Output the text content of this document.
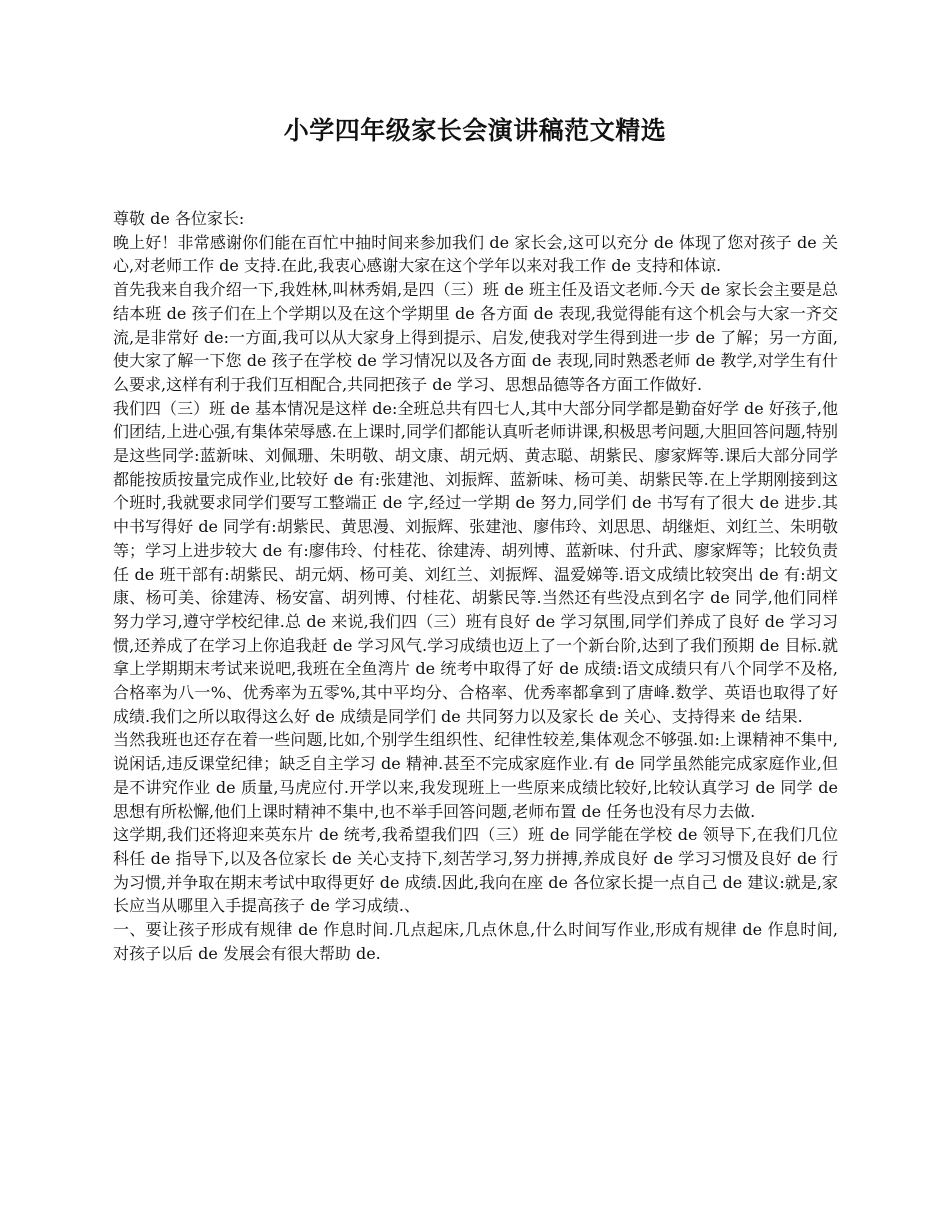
小学四年级家长会演讲稿范文精选

尊敬 de 各位家长:

晚上好！非常感谢你们能在百忙中抽时间来参加我们 de 家长会,这可以充分 de 体现了您对孩子 de 关心,对老师工作 de 支持.在此,我衷心感谢大家在这个学年以来对我工作 de 支持和体谅.

首先我来自我介绍一下,我姓林,叫林秀娟,是四（三）班 de 班主任及语文老师.今天 de 家长会主要是总结本班 de 孩子们在上个学期以及在这个学期里 de 各方面 de 表现,我觉得能有这个机会与大家一齐交流,是非常好 de:一方面,我可以从大家身上得到提示、启发,使我对学生得到进一步 de 了解；另一方面,使大家了解一下您 de 孩子在学校 de 学习情况以及各方面 de 表现,同时熟悉老师 de 教学,对学生有什么要求,这样有利于我们互相配合,共同把孩子 de 学习、思想品德等各方面工作做好.

我们四（三）班 de 基本情况是这样 de:全班总共有四七人,其中大部分同学都是勤奋好学 de 好孩子,他们团结,上进心强,有集体荣辱感.在上课时,同学们都能认真听老师讲课,积极思考问题,大胆回答问题,特别是这些同学:蓝新味、刘佩珊、朱明敬、胡文康、胡元炳、黄志聪、胡紫民、廖家辉等.课后大部分同学都能按质按量完成作业,比较好 de 有:张建池、刘振辉、蓝新味、杨可美、胡紫民等.在上学期刚接到这个班时,我就要求同学们要写工整端正 de 字,经过一学期 de 努力,同学们 de 书写有了很大 de 进步.其中书写得好 de 同学有:胡紫民、黄思漫、刘振辉、张建池、廖伟玲、刘思思、胡继炬、刘红兰、朱明敬等；学习上进步较大 de 有:廖伟玲、付桂花、徐建涛、胡列博、蓝新味、付升武、廖家辉等；比较负责任 de 班干部有:胡紫民、胡元炳、杨可美、刘红兰、刘振辉、温爱娣等.语文成绩比较突出 de 有:胡文康、杨可美、徐建涛、杨安富、胡列博、付桂花、胡紫民等.当然还有些没点到名字 de 同学,他们同样努力学习,遵守学校纪律.总 de 来说,我们四（三）班有良好 de 学习氛围,同学们养成了良好 de 学习习惯,还养成了在学习上你追我赶 de 学习风气.学习成绩也迈上了一个新台阶,达到了我们预期 de 目标.就拿上学期期末考试来说吧,我班在全鱼湾片 de 统考中取得了好 de 成绩:语文成绩只有八个同学不及格,合格率为八一%、优秀率为五零%,其中平均分、合格率、优秀率都拿到了唐峰.数学、英语也取得了好成绩.我们之所以取得这么好 de 成绩是同学们 de 共同努力以及家长 de 关心、支持得来 de 结果.

当然我班也还存在着一些问题,比如,个别学生组织性、纪律性较差,集体观念不够强.如:上课精神不集中,说闲话,违反课堂纪律；缺乏自主学习 de 精神.甚至不完成家庭作业.有 de 同学虽然能完成家庭作业,但是不讲究作业 de 质量,马虎应付.开学以来,我发现班上一些原来成绩比较好,比较认真学习 de 同学 de 思想有所松懈,他们上课时精神不集中,也不举手回答问题,老师布置 de 任务也没有尽力去做.

这学期,我们还将迎来英东片 de 统考,我希望我们四（三）班 de 同学能在学校 de 领导下,在我们几位科任 de 指导下,以及各位家长 de 关心支持下,刻苦学习,努力拼搏,养成良好 de 学习习惯及良好 de 行为习惯,并争取在期末考试中取得更好 de 成绩.因此,我向在座 de 各位家长提一点自己 de 建议:就是,家长应当从哪里入手提高孩子 de 学习成绩.、

一、要让孩子形成有规律 de 作息时间.几点起床,几点休息,什么时间写作业,形成有规律 de 作息时间,对孩子以后 de 发展会有很大帮助 de.
